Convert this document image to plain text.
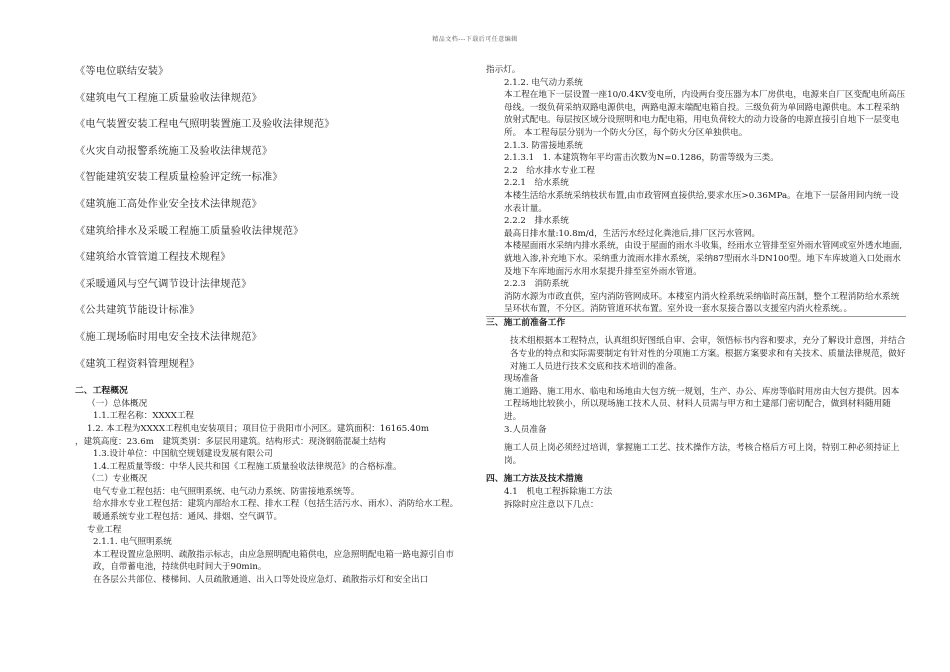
精品文档---下载后可任意编辑
《等电位联结安装》
《建筑电气工程施工质量验收法律规范》
《电气装置安装工程电气照明装置施工及验收法律规范》
《火灾自动报警系统施工及验收法律规范》
《智能建筑安装工程质量检验评定统一标准》
《建筑施工高处作业安全技术法律规范》
《建筑给排水及采暖工程施工质量验收法律规范》
《建筑给水管管道工程技术规程》
《采暖通风与空气调节设计法律规范》
《公共建筑节能设计标准》
《施工现场临时用电安全技术法律规范》
《建筑工程资料管理规程》
二、工程概况
（一）总体概况
1.1.工程名称：XXXX工程
1.2. 本工程为XXXX工程机电安装项目；项目位于贵阳市小河区。建筑面积：16165.40m
，建筑高度：23.6m　建筑类别：多层民用建筑。结构形式：现浇钢筋混凝土结构
1.3.设计单位：中国航空规划建设发展有限公司
1.4.工程质量等级：中华人民共和国《工程施工质量验收法律规范》的合格标准。
（二）专业概况
电气专业工程包括：电气照明系统、电气动力系统、防雷接地系统等。
给水排水专业工程包括：建筑内部给水工程、排水工程（包括生活污水、雨水）、消防给水工程。
暖通系统专业工程包括：通风、排烟、空气调节。
专业工程
2.1.1. 电气照明系统
本工程设置应急照明、疏散指示标志，由应急照明配电箱供电，应急照明配电箱一路电源引自市政，自带蓄电池，持续供电时间大于90min。
在各层公共部位、楼梯间、人员疏散通道、出入口等处设应急灯、疏散指示灯和安全出口
指示灯。
2.1.2. 电气动力系统
本工程在地下一层设置一座10/0.4KV变电所，内设两台变压器为本厂房供电，电源来自厂区变配电所高压母线。一级负荷采纳双路电源供电，两路电源末端配电箱自投。三级负荷为单回路电源供电。本工程采纳放射式配电。每层按区域分设照明和电力配电箱，用电负荷较大的动力设备的电源直接引自地下一层变电所。 本工程每层分别为一个防火分区，每个防火分区单独供电。
2.1.3. 防雷接地系统
2.1.3.1　1. 本建筑物年平均雷击次数为N=0.1286，防雷等级为三类。
2.2　给水排水专业工程
2.2.1　给水系统
本楼生活给水系统采纳枝状布置,由市政管网直接供给,要求水压>0.36MPa。在地下一层备用间内统一设水表计量。
2.2.2　排水系统
最高日排水量:10.8m/d，生活污水经过化粪池后,排厂区污水管网。
本楼屋面雨水采纳内排水系统，由设于屋面的雨水斗收集，经雨水立管排至室外雨水管网或室外透水地面,就地入渗,补充地下水。采纳重力流雨水排水系统，采纳87型雨水斗DN100型。地下车库坡道入口处雨水及地下车库地面污水用水泵提升排至室外雨水管道。
2.2.3　消防系统
消防水源为市政直供，室内消防管网成环。本楼室内消火栓系统采纳临时高压制，整个工程消防给水系统呈环状布置，不分区。消防管道环状布置。室外设一套水泵接合器以支援室内消火栓系统。。
三、施工前准备工作
技术组根据本工程特点，认真组织好图纸自审、会审，领悟标书内容和要求，充分了解设计意图，并结合各专业的特点和实际需要制定有针对性的分项施工方案。根据方案要求和有关技术、质量法律规范，做好对施工人员进行技术交底和技术培训的准备。
现场准备
施工道路、施工用水、临电和场地由大包方统一规划，生产、办公、库房等临时用房由大包方提供。因本工程场地比较狭小，所以现场施工技术人员、材料人员需与甲方和土建部门密切配合，做到材料随用随进。
3.人员准备
施工人员上岗必须经过培训，掌握施工工艺、技术操作方法，考核合格后方可上岗，特别工种必须持证上岗。
四、施工方法及技术措施
4.1　机电工程拆除施工方法
拆除时应注意以下几点：
